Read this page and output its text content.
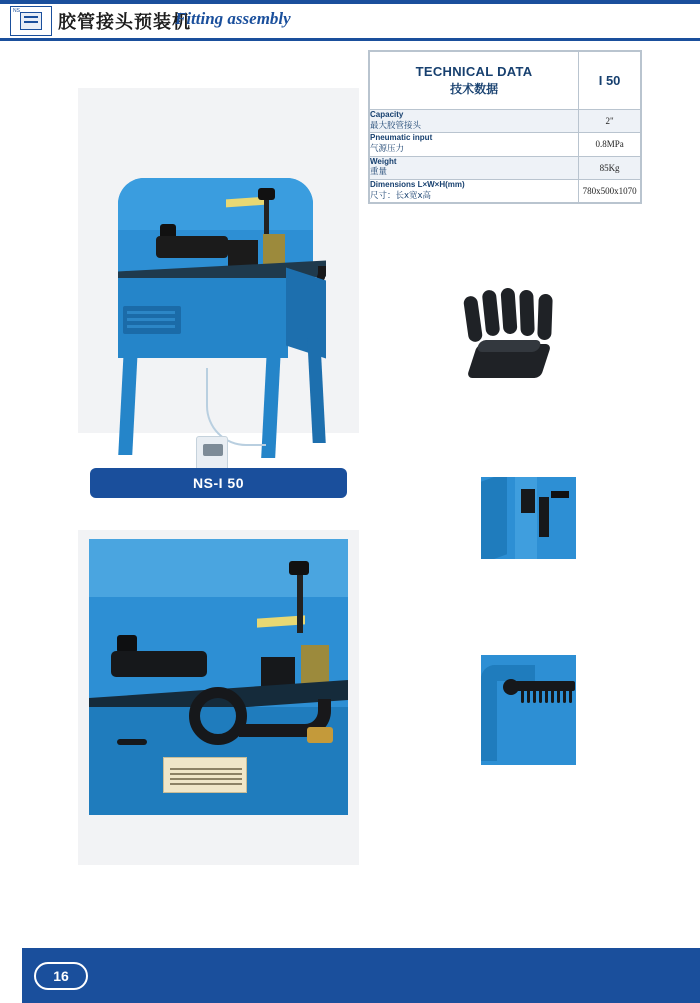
NS
胶管接头预装机
Fitting assembly
TECHNICAL DATA
技术数据	I 50

Capacity
最大胶管接头	2"

Pneumatic input
气源压力	0.8MPa

Weight
重量	85Kg

Dimensions L×W×H(mm)
尺寸：长x宽x高	780x500x1070
NS-I 50
16
